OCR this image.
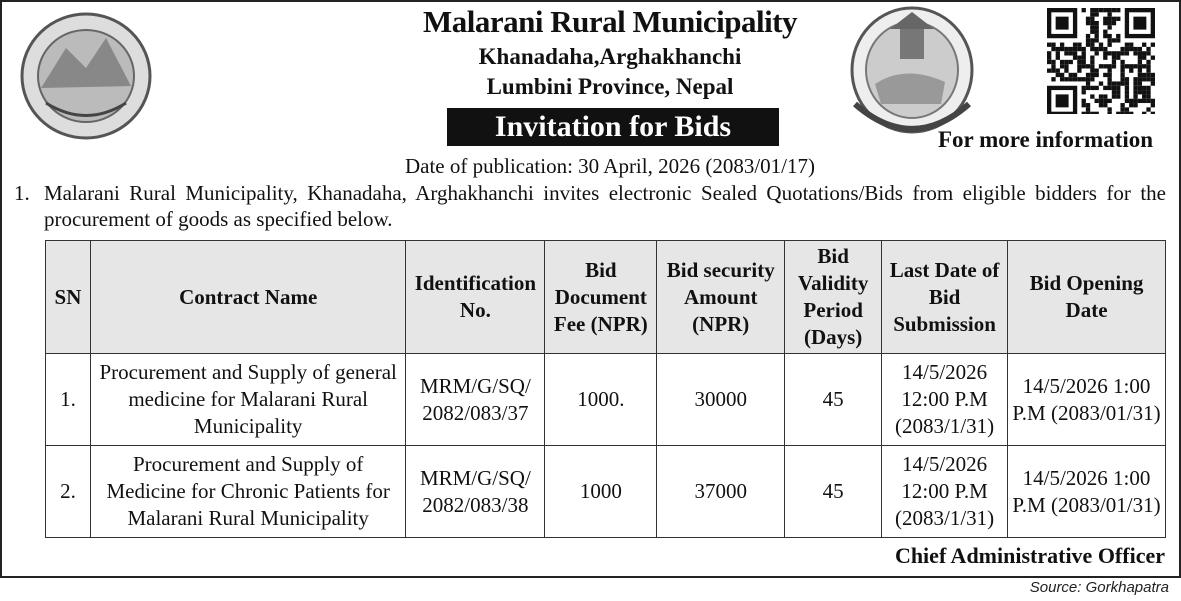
Malarani Rural Municipality
Khanadaha,Arghakhanchi
Lumbini Province, Nepal
Invitation for Bids	For more information
Date of publication: 30 April, 2026 (2083/01/17)
1. Malarani Rural Municipality, Khanadaha, Arghakhanchi invites electronic Sealed Quotations/Bids from eligible bidders for the procurement of goods as specified below.
SN	Contract Name	Identification No.	Bid Document Fee (NPR)	Bid security Amount (NPR)	Bid Validity Period (Days)	Last Date of Bid Submission	Bid Opening Date
1.	Procurement and Supply of general medicine for Malarani Rural Municipality	MRM/G/SQ/ 2082/083/37	1000.	30000	45	14/5/2026 12:00 P.M (2083/1/31)	14/5/2026 1:00 P.M (2083/01/31)
2.	Procurement and Supply of Medicine for Chronic Patients for Malarani Rural Municipality	MRM/G/SQ/ 2082/083/38	1000	37000	45	14/5/2026 12:00 P.M (2083/1/31)	14/5/2026 1:00 P.M (2083/01/31)
Chief Administrative Officer
Source: Gorkhapatra
